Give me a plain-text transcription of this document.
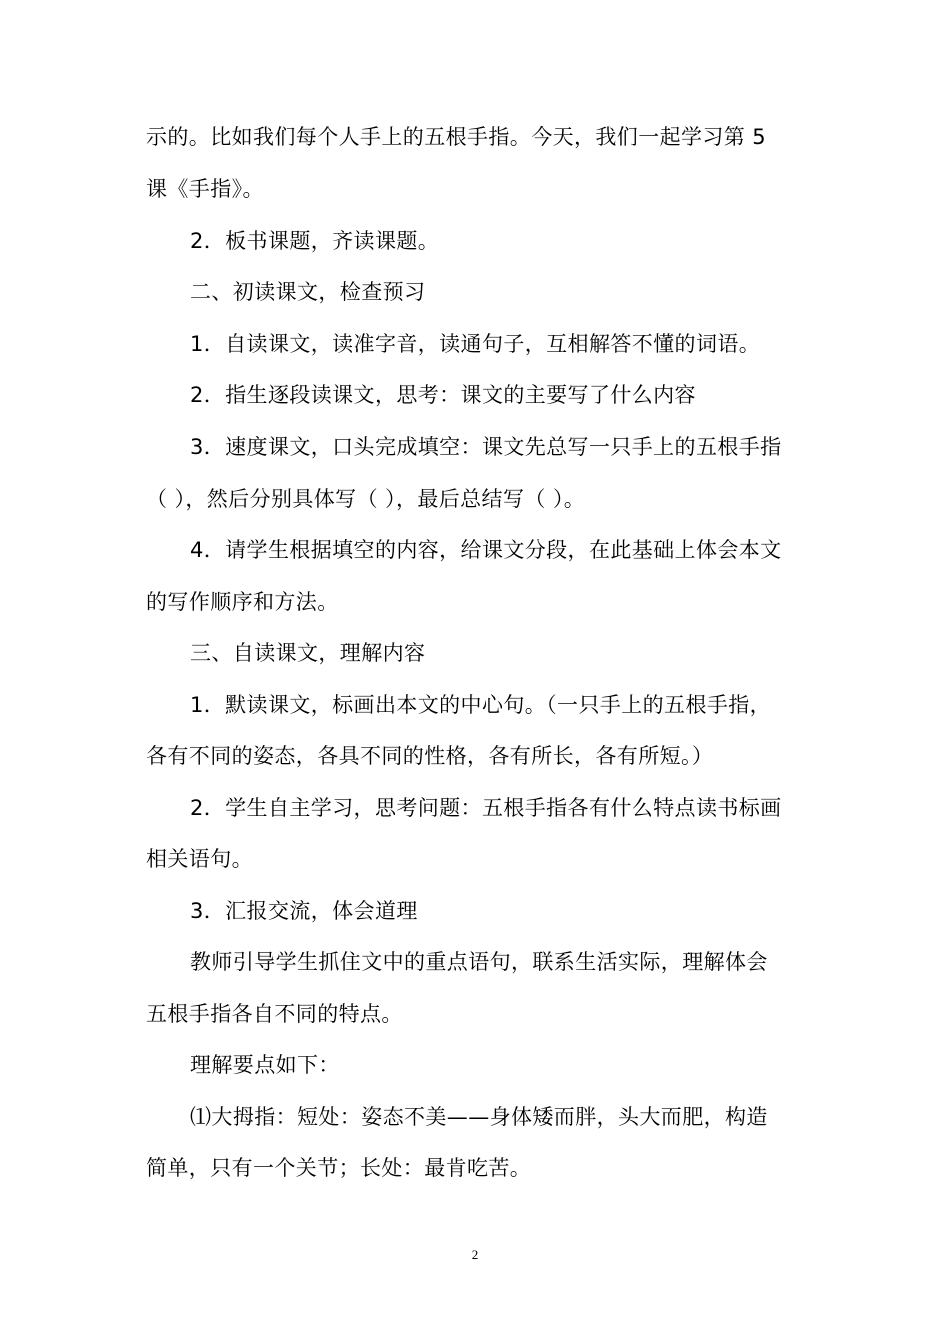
示的。比如我们每个人手上的五根手指。今天，我们一起学习第 5
课《手指》。
2．板书课题，齐读课题。
二、初读课文，检查预习
1．自读课文，读准字音，读通句子，互相解答不懂的词语。
2．指生逐段读课文，思考：课文的主要写了什么内容
3．速度课文，口头完成填空：课文先总写一只手上的五根手指
（ ），然后分别具体写（ ），最后总结写（ ）。
4．请学生根据填空的内容，给课文分段，在此基础上体会本文
的写作顺序和方法。
三、自读课文，理解内容
1．默读课文，标画出本文的中心句。（一只手上的五根手指，
各有不同的姿态，各具不同的性格，各有所长，各有所短。）
2．学生自主学习，思考问题：五根手指各有什么特点读书标画
相关语句。
3．汇报交流，体会道理
教师引导学生抓住文中的重点语句，联系生活实际，理解体会
五根手指各自不同的特点。
理解要点如下：
⑴大拇指：短处：姿态不美——身体矮而胖，头大而肥，构造
简单，只有一个关节；长处：最肯吃苦。
2
